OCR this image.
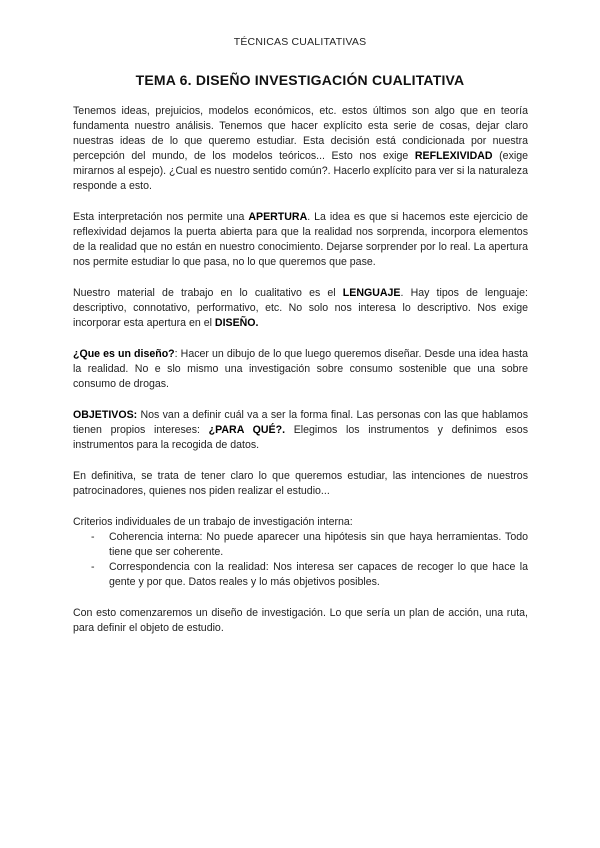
TÉCNICAS CUALITATIVAS
TEMA 6. DISEÑO INVESTIGACIÓN CUALITATIVA

Tenemos ideas, prejuicios, modelos económicos, etc. estos últimos son algo que en teoría fundamenta nuestro análisis. Tenemos que hacer explícito esta serie de cosas, dejar claro nuestras ideas de lo que queremo estudiar. Esta decisión está condicionada por nuestra percepción del mundo, de los modelos teóricos... Esto nos exige REFLEXIVIDAD (exige mirarnos al espejo). ¿Cual es nuestro sentido común?. Hacerlo explícito para ver si la naturaleza responde a esto.

Esta interpretación nos permite una APERTURA. La idea es que si hacemos este ejercicio de reflexividad dejamos la puerta abierta para que la realidad nos sorprenda, incorpora elementos de la realidad que no están en nuestro conocimiento. Dejarse sorprender por lo real. La apertura nos permite estudiar lo que pasa, no lo que queremos que pase.

Nuestro material de trabajo en lo cualitativo es el LENGUAJE. Hay tipos de lenguaje: descriptivo, connotativo, performativo, etc. No solo nos interesa lo descriptivo. Nos exige incorporar esta apertura en el DISEÑO.

¿Que es un diseño?: Hacer un dibujo de lo que luego queremos diseñar. Desde una idea hasta la realidad. No e slo mismo una investigación sobre consumo sostenible que una sobre consumo de drogas.

OBJETIVOS: Nos van a definir cuál va a ser la forma final. Las personas con las que hablamos tienen propios intereses: ¿PARA QUÉ?. Elegimos los instrumentos y definimos esos instrumentos para la recogida de datos.

En definitiva, se trata de tener claro lo que queremos estudiar, las intenciones de nuestros patrocinadores, quienes nos piden realizar el estudio...

Criterios individuales de un trabajo de investigación interna:
- Coherencia interna: No puede aparecer una hipótesis sin que haya herramientas. Todo tiene que ser coherente.
- Correspondencia con la realidad: Nos interesa ser capaces de recoger lo que hace la gente y por que. Datos reales y lo más objetivos posibles.

Con esto comenzaremos un diseño de investigación. Lo que sería un plan de acción, una ruta, para definir el objeto de estudio.
